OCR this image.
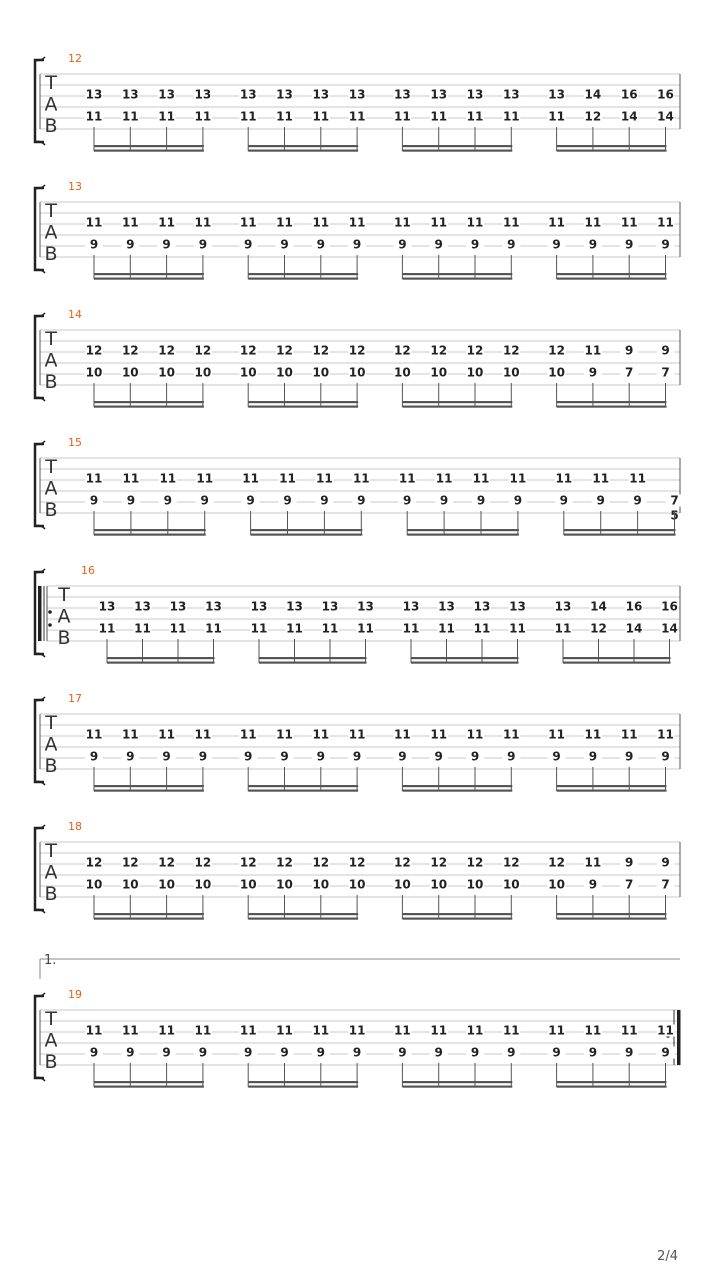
12
T
A
B
13
11
13
11
13
11
13
11
13
11
13
11
13
11
13
11
13
11
13
11
13
11
13
11
13
11
14
12
16
14
16
14
13
T
A
B
11
9
11
9
11
9
11
9
11
9
11
9
11
9
11
9
11
9
11
9
11
9
11
9
11
9
11
9
11
9
11
9
14
T
A
B
12
10
12
10
12
10
12
10
12
10
12
10
12
10
12
10
12
10
12
10
12
10
12
10
12
10
11
9
9
7
9
7
15
T
A
B
11
9
11
9
11
9
11
9
11
9
11
9
11
9
11
9
11
9
11
9
11
9
11
9
11
9
11
9
11
9 7
5
16
T
A
B
13
11
13
11
13
11
13
11
13
11
13
11
13
11
13
11
13
11
13
11
13
11
13
11
13
11
14
12
16
14
16
14
17
T
A
B
11
9
11
9
11
9
11
9
11
9
11
9
11
9
11
9
11
9
11
9
11
9
11
9
11
9
11
9
11
9
11
9
18
T
A
B
12
10
12
10
12
10
12
10
12
10
12
10
12
10
12
10
12
10
12
10
12
10
12
10
12
10
11
9
9
7
9
7
1.
19
T
A
B
11
9
11
9
11
9
11
9
11
9
11
9
11
9
11
9
11
9
11
9
11
9
11
9
11
9
11
9
11
9
11
9
2/4
